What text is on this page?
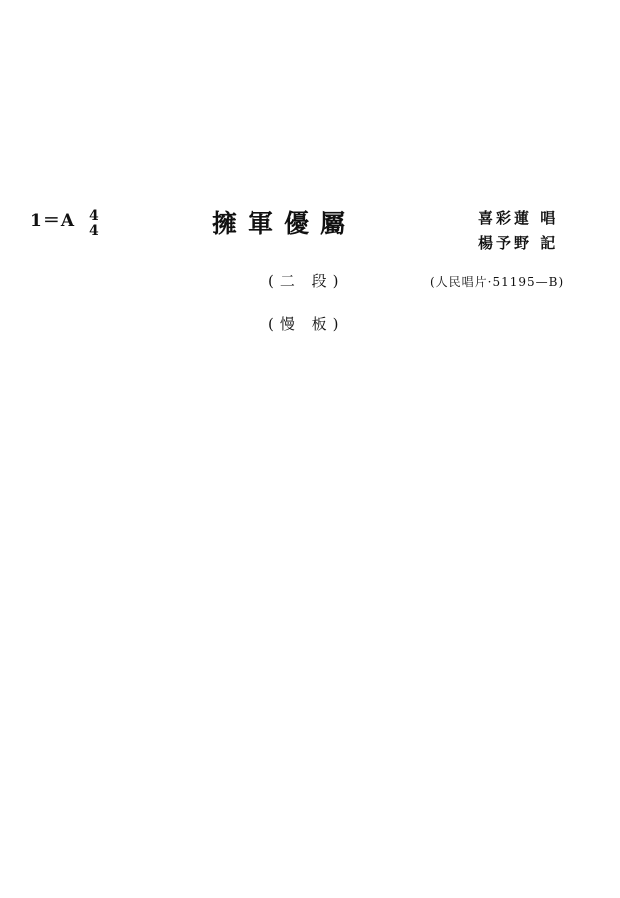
1＝A 4
4	擁軍優屬	喜彩蓮 唱
楊予野 記
(二 段)	(人民唱片·51195—B)
(慢 板)
